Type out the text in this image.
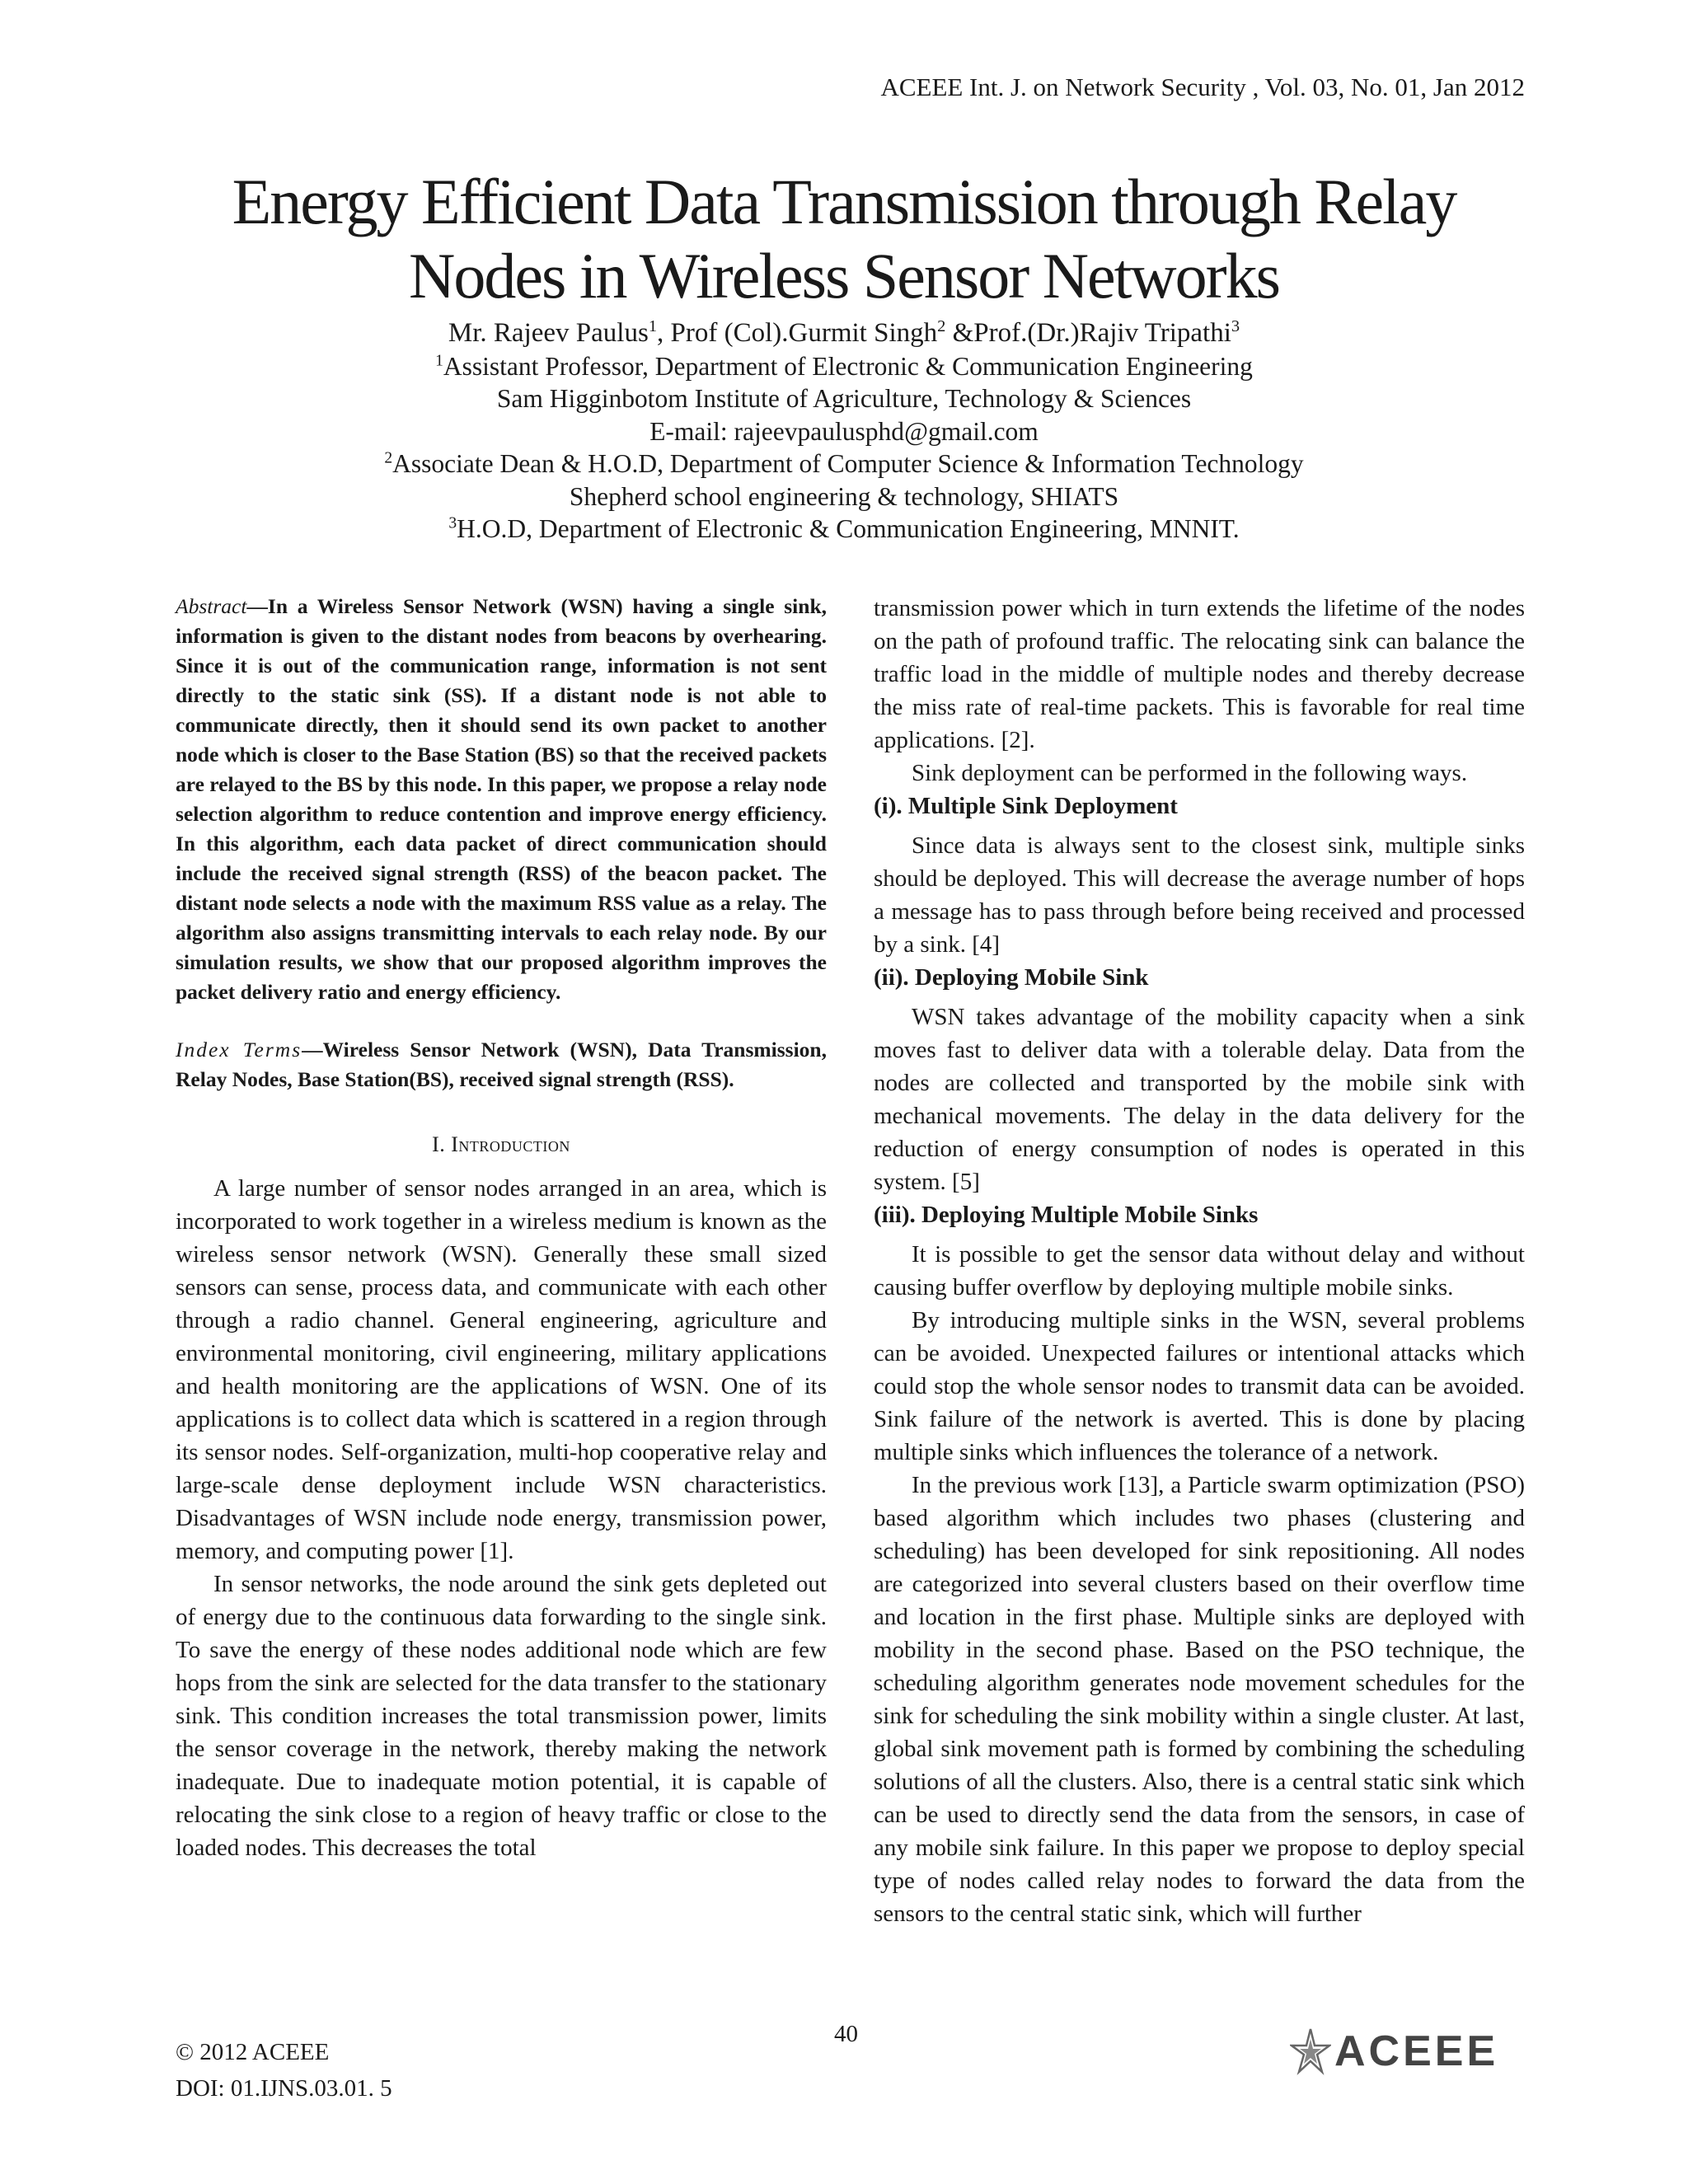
ACEEE Int. J. on Network Security , Vol. 03, No. 01, Jan 2012
Energy Efficient Data Transmission through Relay
Nodes in Wireless Sensor Networks
Mr. Rajeev Paulus$^1$, Prof (Col).Gurmit Singh$^2$ &Prof.(Dr.)Rajiv Tripathi$^3$
$^1$Assistant Professor, Department of Electronic & Communication Engineering
Sam Higginbotom Institute of Agriculture, Technology & Sciences
E-mail: rajeevpaulusphd@gmail.com
$^2$Associate Dean & H.O.D, Department of Computer Science & Information Technology
Shepherd school engineering & technology, SHIATS
$^3$H.O.D, Department of Electronic & Communication Engineering, MNNIT.

Abstract—In a Wireless Sensor Network (WSN) having a single sink, information is given to the distant nodes from beacons by overhearing. Since it is out of the communication range, information is not sent directly to the static sink (SS). If a distant node is not able to communicate directly, then it should send its own packet to another node which is closer to the Base Station (BS) so that the received packets are relayed to the BS by this node. In this paper, we propose a relay node selection algorithm to reduce contention and improve energy efficiency. In this algorithm, each data packet of direct communication should include the received signal strength (RSS) of the beacon packet. The distant node selects a node with the maximum RSS value as a relay. The algorithm also assigns transmitting intervals to each relay node. By our simulation results, we show that our proposed algorithm improves the packet delivery ratio and energy efficiency.

Index Terms—Wireless Sensor Network (WSN), Data Transmission, Relay Nodes, Base Station(BS), received signal strength (RSS).

I. Introduction

A large number of sensor nodes arranged in an area, which is incorporated to work together in a wireless medium is known as the wireless sensor network (WSN). Generally these small sized sensors can sense, process data, and communicate with each other through a radio channel. General engineering, agriculture and environmental monitoring, civil engineering, military applications and health monitoring are the applications of WSN. One of its applications is to collect data which is scattered in a region through its sensor nodes. Self-organization, multi-hop cooperative relay and large-scale dense deployment include WSN characteristics. Disadvantages of WSN include node energy, transmission power, memory, and computing power [1].

In sensor networks, the node around the sink gets depleted out of energy due to the continuous data forwarding to the single sink. To save the energy of these nodes additional node which are few hops from the sink are selected for the data transfer to the stationary sink. This condition increases the total transmission power, limits the sensor coverage in the network, thereby making the network inadequate. Due to inadequate motion potential, it is capable of relocating the sink close to a region of heavy traffic or close to the loaded nodes. This decreases the total

transmission power which in turn extends the lifetime of the nodes on the path of profound traffic. The relocating sink can balance the traffic load in the middle of multiple nodes and thereby decrease the miss rate of real-time packets. This is favorable for real time applications. [2].

Sink deployment can be performed in the following ways.

(i). Multiple Sink Deployment

Since data is always sent to the closest sink, multiple sinks should be deployed. This will decrease the average number of hops a message has to pass through before being received and processed by a sink. [4]

(ii). Deploying Mobile Sink

WSN takes advantage of the mobility capacity when a sink moves fast to deliver data with a tolerable delay. Data from the nodes are collected and transported by the mobile sink with mechanical movements. The delay in the data delivery for the reduction of energy consumption of nodes is operated in this system. [5]

(iii). Deploying Multiple Mobile Sinks

It is possible to get the sensor data without delay and without causing buffer overflow by deploying multiple mobile sinks.

By introducing multiple sinks in the WSN, several problems can be avoided. Unexpected failures or intentional attacks which could stop the whole sensor nodes to transmit data can be avoided. Sink failure of the network is averted. This is done by placing multiple sinks which influences the tolerance of a network.

In the previous work [13], a Particle swarm optimization (PSO) based algorithm which includes two phases (clustering and scheduling) has been developed for sink repositioning. All nodes are categorized into several clusters based on their overflow time and location in the first phase. Multiple sinks are deployed with mobility in the second phase. Based on the PSO technique, the scheduling algorithm generates node movement schedules for the sink for scheduling the sink mobility within a single cluster. At last, global sink movement path is formed by combining the scheduling solutions of all the clusters. Also, there is a central static sink which can be used to directly send the data from the sensors, in case of any mobile sink failure. In this paper we propose to deploy special type of nodes called relay nodes to forward the data from the sensors to the central static sink, which will further

© 2012 ACEEE
DOI: 01.IJNS.03.01. 5
40	ACEEE
